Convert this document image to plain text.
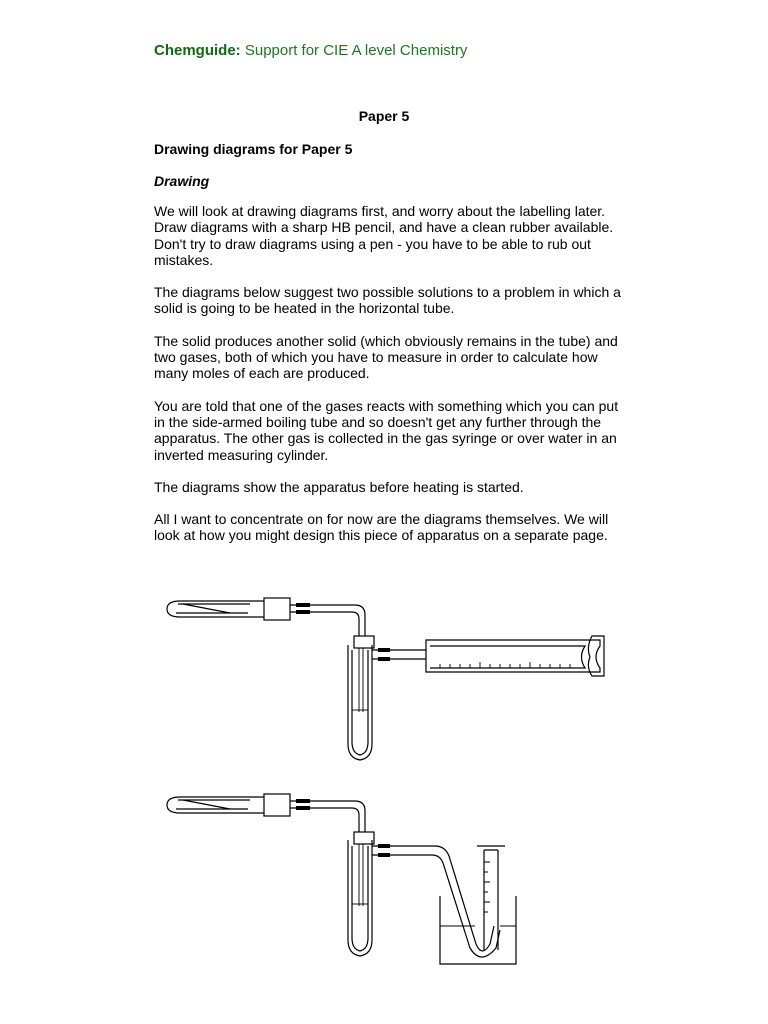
Chemguide: Support for CIE A level Chemistry
Paper 5
Drawing diagrams for Paper 5
Drawing

We will look at drawing diagrams first, and worry about the labelling later. Draw diagrams with a sharp HB pencil, and have a clean rubber available. Don't try to draw diagrams using a pen - you have to be able to rub out mistakes.

The diagrams below suggest two possible solutions to a problem in which a solid is going to be heated in the horizontal tube.

The solid produces another solid (which obviously remains in the tube) and two gases, both of which you have to measure in order to calculate how many moles of each are produced.

You are told that one of the gases reacts with something which you can put in the side-armed boiling tube and so doesn't get any further through the apparatus. The other gas is collected in the gas syringe or over water in an inverted measuring cylinder.

The diagrams show the apparatus before heating is started.

All I want to concentrate on for now are the diagrams themselves. We will look at how you might design this piece of apparatus on a separate page.
